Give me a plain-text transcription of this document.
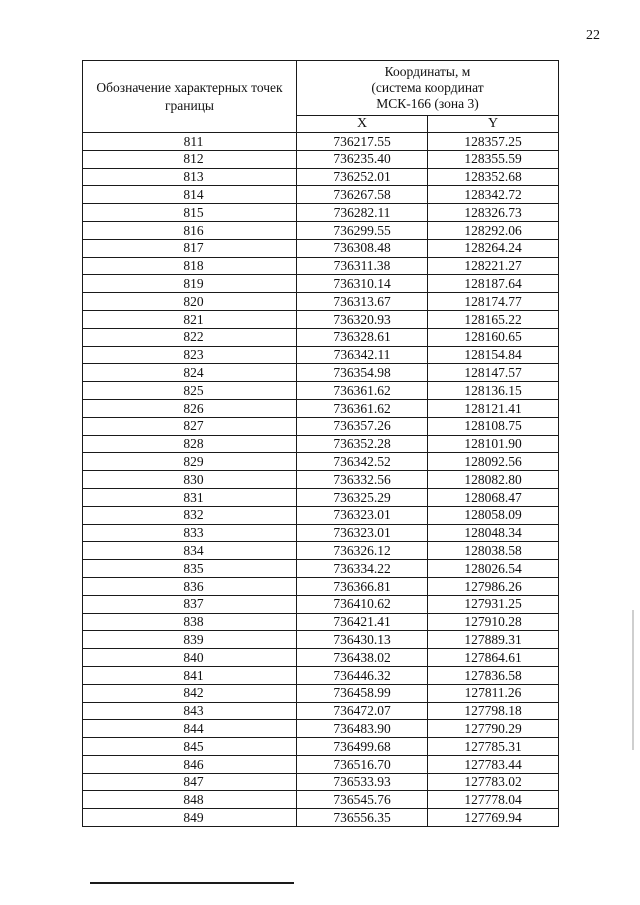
22
Обозначение характерных точек границы	Координаты, м
(система координат
МСК-166 (зона 3)	

	X	Y
811	736217.55	128357.25
812	736235.40	128355.59
813	736252.01	128352.68
814	736267.58	128342.72
815	736282.11	128326.73
816	736299.55	128292.06
817	736308.48	128264.24
818	736311.38	128221.27
819	736310.14	128187.64
820	736313.67	128174.77
821	736320.93	128165.22
822	736328.61	128160.65
823	736342.11	128154.84
824	736354.98	128147.57
825	736361.62	128136.15
826	736361.62	128121.41
827	736357.26	128108.75
828	736352.28	128101.90
829	736342.52	128092.56
830	736332.56	128082.80
831	736325.29	128068.47
832	736323.01	128058.09
833	736323.01	128048.34
834	736326.12	128038.58
835	736334.22	128026.54
836	736366.81	127986.26
837	736410.62	127931.25
838	736421.41	127910.28
839	736430.13	127889.31
840	736438.02	127864.61
841	736446.32	127836.58
842	736458.99	127811.26
843	736472.07	127798.18
844	736483.90	127790.29
845	736499.68	127785.31
846	736516.70	127783.44
847	736533.93	127783.02
848	736545.76	127778.04
849	736556.35	127769.94
